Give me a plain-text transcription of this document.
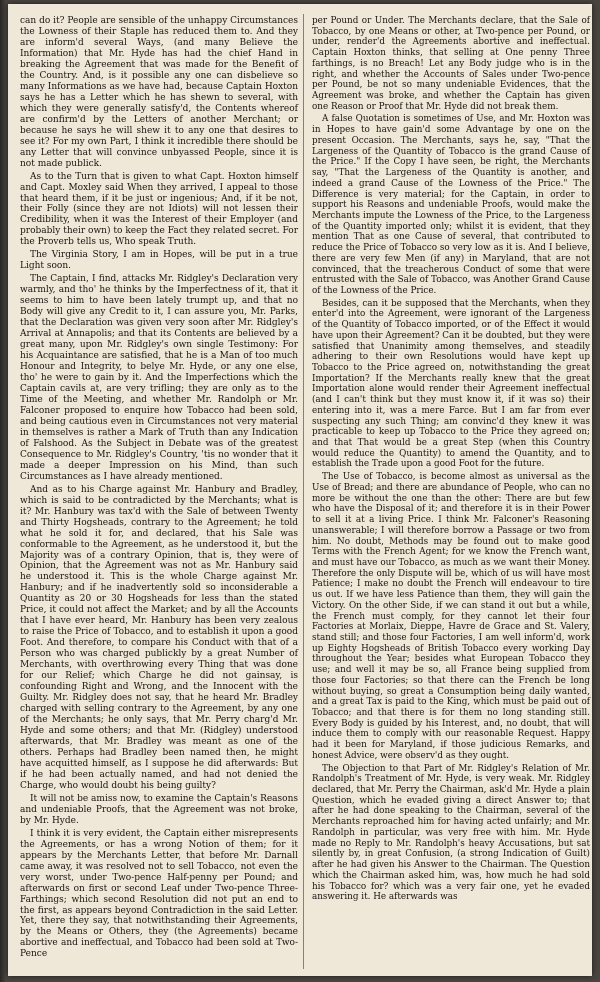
can do it? People are sensible of the unhappy Circumstances the Lowness of their Staple has reduced them to. And they are inform'd several Ways, (and many Believe the Information) that Mr. Hyde has had the chief Hand in breaking the Agreement that was made for the Benefit of the Country. And, is it possible any one can disbelieve so many Informations as we have had, because Captain Hoxton says he has a Letter which he has shewn to several, with which they were generally satisfy'd, the Contents whereof are confirm'd by the Letters of another Merchant; or because he says he will shew it to any one that desires to see it? For my own Part, I think it incredible there should be any Letter that will convince unbyassed People, since it is not made publick.

As to the Turn that is given to what Capt. Hoxton himself and Capt. Moxley said When they arrived, I appeal to those that heard them, if it be just or ingenious; And, if it be not, their Folly (since they are not Idiots) will not lessen their Credibility, when it was the Interest of their Employer (and probably their own) to keep the Fact they related secret. For the Proverb tells us, Who speak Truth.

The Virginia Story, I am in Hopes, will be put in a true Light soon.

The Captain, I find, attacks Mr. Ridgley's Declaration very warmly, and tho' he thinks by the Imperfectness of it, that it seems to him to have been lately trumpt up, and that no Body will give any Credit to it, I can assure you, Mr. Parks, that the Declaration was given very soon after Mr. Ridgley's Arrival at Annapolis; and that its Contents are believed by a great many, upon Mr. Ridgley's own single Testimony: For his Acquaintance are satisfied, that he is a Man of too much Honour and Integrity, to belye Mr. Hyde, or any one else, tho' he were to gain by it. And the Imperfections which the Captain cavils at, are very trifling; they are only as to the Time of the Meeting, and whether Mr. Randolph or Mr. Falconer proposed to enquire how Tobacco had been sold, and being cautious even in Circumstances not very material in themselves is rather a Mark of Truth than any Indication of Falshood. As the Subject in Debate was of the greatest Consequence to Mr. Ridgley's Country, 'tis no wonder that it made a deeper Impression on his Mind, than such Circumstances as I have already mentioned.

And as to his Charge against Mr. Hanbury and Bradley, which is said to be contradicted by the Merchants; what is it? Mr. Hanbury was tax'd with the Sale of between Twenty and Thirty Hogsheads, contrary to the Agreement; he told what he sold it for, and declared, that his Sale was conformable to the Agreement, as he understood it, but the Majority was of a contrary Opinion, that is, they were of Opinion, that the Agreement was not as Mr. Hanbury said he understood it. This is the whole Charge against Mr. Hanbury; and if he inadvertently sold so inconsiderable a Quantity as 20 or 30 Hogsheads for less than the stated Price, it could not affect the Market; and by all the Accounts that I have ever heard, Mr. Hanbury has been very zealous to raise the Price of Tobacco, and to establish it upon a good Foot. And therefore, to compare his Conduct with that of a Person who was charged publickly by a great Number of Merchants, with overthrowing every Thing that was done for our Relief; which Charge he did not gainsay, is confounding Right and Wrong, and the Innocent with the Guilty. Mr. Ridgley does not say, that he heard Mr. Bradley charged with selling contrary to the Agreement, by any one of the Merchants; he only says, that Mr. Perry charg'd Mr. Hyde and some others; and that Mr. (Ridgley) understood afterwards, that Mr. Bradley was meant as one of the others. Perhaps had Bradley been named then, he might have acquitted himself, as I suppose he did afterwards: But if he had been actually named, and had not denied the Charge, who would doubt his being guilty?

It will not be amiss now, to examine the Captain's Reasons and undeniable Proofs, that the Agreement was not broke, by Mr. Hyde.

I think it is very evident, the Captain either misrepresents the Agreements, or has a wrong Notion of them; for it appears by the Merchants Letter, that before Mr. Darnall came away, it was resolved not to sell Tobacco, not even the very worst, under Two-pence Half-penny per Pound; and afterwards on first or second Leaf under Two-pence Three-Farthings; which second Resolution did not put an end to the first, as appears beyond Contradiction in the said Letter. Yet, there they say, that notwithstanding their Agreements, by the Means or Others, they (the Agreements) became abortive and ineffectual, and Tobacco had been sold at Two-Pence

per Pound or Under. The Merchants declare, that the Sale of Tobacco, by one Means or other, at Two-pence per Pound, or under, render'd the Agreements abortive and ineffectual. Captain Hoxton thinks, that selling at One penny Three farthings, is no Breach! Let any Body judge who is in the right, and whether the Accounts of Sales under Two-pence per Pound, be not so many undeniable Evidences, that the Agreement was broke, and whether the Captain has given one Reason or Proof that Mr. Hyde did not break them.

A false Quotation is sometimes of Use, and Mr. Hoxton was in Hopes to have gain'd some Advantage by one on the present Occasion. The Merchants, says he, say, "That the Largeness of the Quantity of Tobacco is the grand Cause of the Price." If the Copy I have seen, be right, the Merchants say, "That the Largeness of the Quantity is another, and indeed a grand Cause of the Lowness of the Price." The Difference is very material; for the Captain, in order to support his Reasons and undeniable Proofs, would make the Merchants impute the Lowness of the Price, to the Largeness of the Quantity imported only; whilst it is evident, that they mention That as one Cause of several, that contributed to reduce the Price of Tobacco so very low as it is. And I believe, there are very few Men (if any) in Maryland, that are not convinced, that the treacherous Conduct of some that were entrusted with the Sale of Tobacco, was Another Grand Cause of the Lowness of the Price.

Besides, can it be supposed that the Merchants, when they enter'd into the Agreement, were ignorant of the Largeness of the Quantity of Tobacco imported, or of the Effect it would have upon their Agreement? Can it be doubted, but they were satisfied that Unanimity among themselves, and steadily adhering to their own Resolutions would have kept up Tobacco to the Price agreed on, notwithstanding the great Importation? If the Merchants really knew that the great Importation alone would render their Agreement ineffectual (and I can't think but they must know it, if it was so) their entering into it, was a mere Farce. But I am far from ever suspecting any such Thing; am convinc'd they knew it was practicable to keep up Tobacco to the Price they agreed on; and that That would be a great Step (when this Country would reduce the Quantity) to amend the Quantity, and to establish the Trade upon a good Foot for the future.

The Use of Tobacco, is become almost as universal as the Use of Bread; and there are abundance of People, who can no more be without the one than the other: There are but few who have the Disposal of it; and therefore it is in their Power to sell it at a living Price. I think Mr. Falconer's Reasoning unanswerable; I will therefore borrow a Passage or two from him. No doubt, Methods may be found out to make good Terms with the French Agent; for we know the French want, and must have our Tobacco, as much as we want their Money. Therefore the only Dispute will be, which of us will have most Patience; I make no doubt the French will endeavour to tire us out. If we have less Patience than them, they will gain the Victory. On the other Side, if we can stand it out but a while, the French must comply, for they cannot let their four Factories at Morlaix, Dieppe, Havre de Grace and St. Valery, stand still; and those four Factories, I am well inform'd, work up Eighty Hogsheads of British Tobacco every working Day throughout the Year; besides what European Tobacco they use; and well it may be so, all France being supplied from those four Factories; so that there can the French be long without buying, so great a Consumption being daily wanted, and a great Tax is paid to the King, which must be paid out of Tobacco; and that there is for them no long standing still. Every Body is guided by his Interest, and, no doubt, that will induce them to comply with our reasonable Request. Happy had it been for Maryland, if those judicious Remarks, and honest Advice, were observ'd as they ought.

The Objection to that Part of Mr. Ridgley's Relation of Mr. Randolph's Treatment of Mr. Hyde, is very weak. Mr. Ridgley declared, that Mr. Perry the Chairman, ask'd Mr. Hyde a plain Question, which he evaded giving a direct Answer to; that after he had done speaking to the Chairman, several of the Merchants reproached him for having acted unfairly; and Mr. Randolph in particular, was very free with him. Mr. Hyde made no Reply to Mr. Randolph's heavy Accusations, but sat silently by, in great Confusion, (a strong Indication of Guilt) after he had given his Answer to the Chairman. The Question which the Chairman asked him, was, how much he had sold his Tobacco for? which was a very fair one, yet he evaded answering it. He afterwards was
